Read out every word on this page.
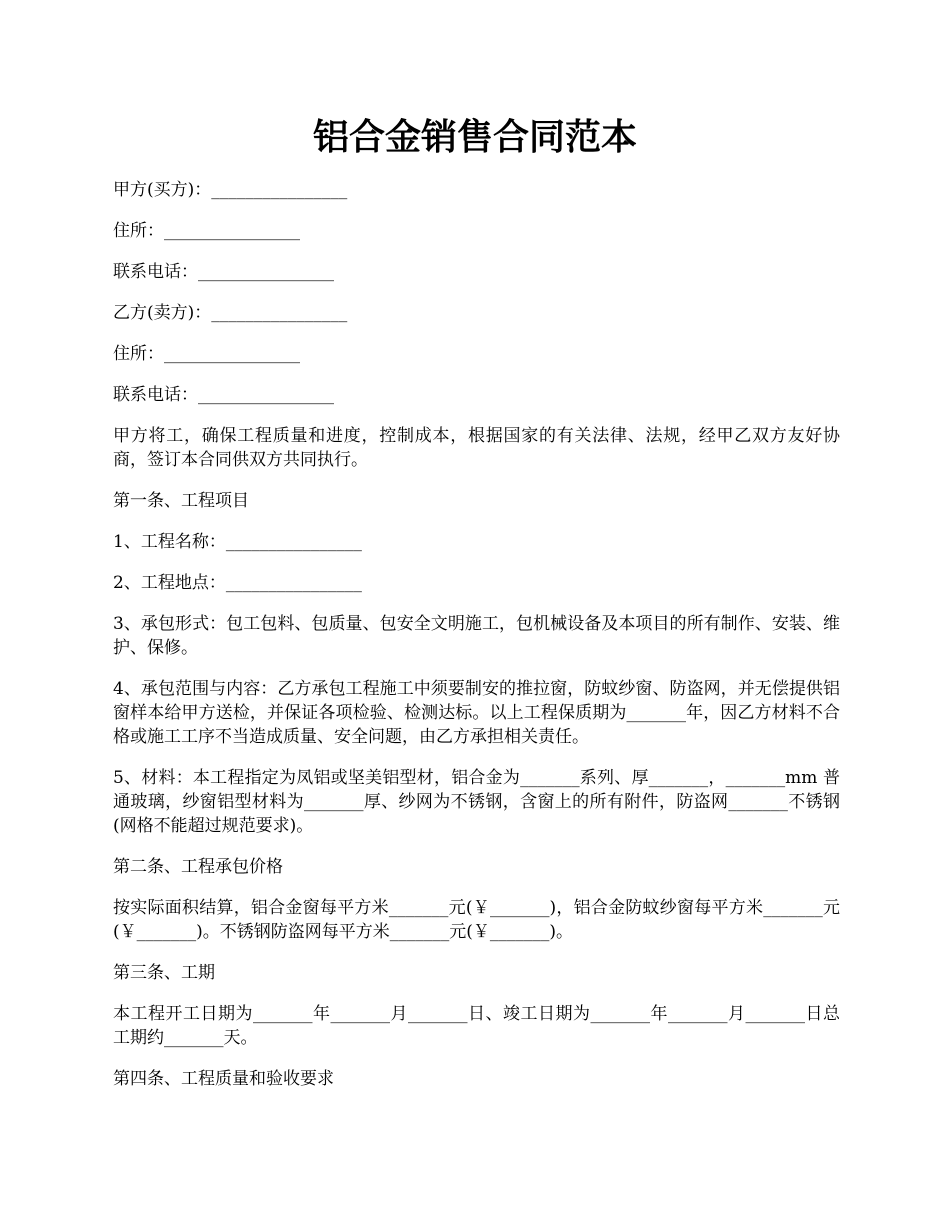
铝合金销售合同范本

甲方(买方)：________________

住所：________________

联系电话：________________

乙方(卖方)：________________

住所：________________

联系电话：________________

甲方将工，确保工程质量和进度，控制成本，根据国家的有关法律、法规，经甲乙双方友好协商，签订本合同供双方共同执行。

第一条、工程项目

1、工程名称：________________

2、工程地点：________________

3、承包形式：包工包料、包质量、包安全文明施工，包机械设备及本项目的所有制作、安装、维护、保修。

4、承包范围与内容：乙方承包工程施工中须要制安的推拉窗，防蚊纱窗、防盗网，并无偿提供铝窗样本给甲方送检，并保证各项检验、检测达标。以上工程保质期为_______年，因乙方材料不合格或施工工序不当造成质量、安全问题，由乙方承担相关责任。

5、材料：本工程指定为凤铝或坚美铝型材，铝合金为_______系列、厚_______，_______mm 普通玻璃，纱窗铝型材料为_______厚、纱网为不锈钢，含窗上的所有附件，防盗网_______不锈钢(网格不能超过规范要求)。

第二条、工程承包价格

按实际面积结算，铝合金窗每平方米_______元(￥_______)，铝合金防蚊纱窗每平方米_______元(￥_______)。不锈钢防盗网每平方米_______元(￥_______)。

第三条、工期

本工程开工日期为_______年_______月_______日、竣工日期为_______年_______月_______日总工期约_______天。

第四条、工程质量和验收要求
